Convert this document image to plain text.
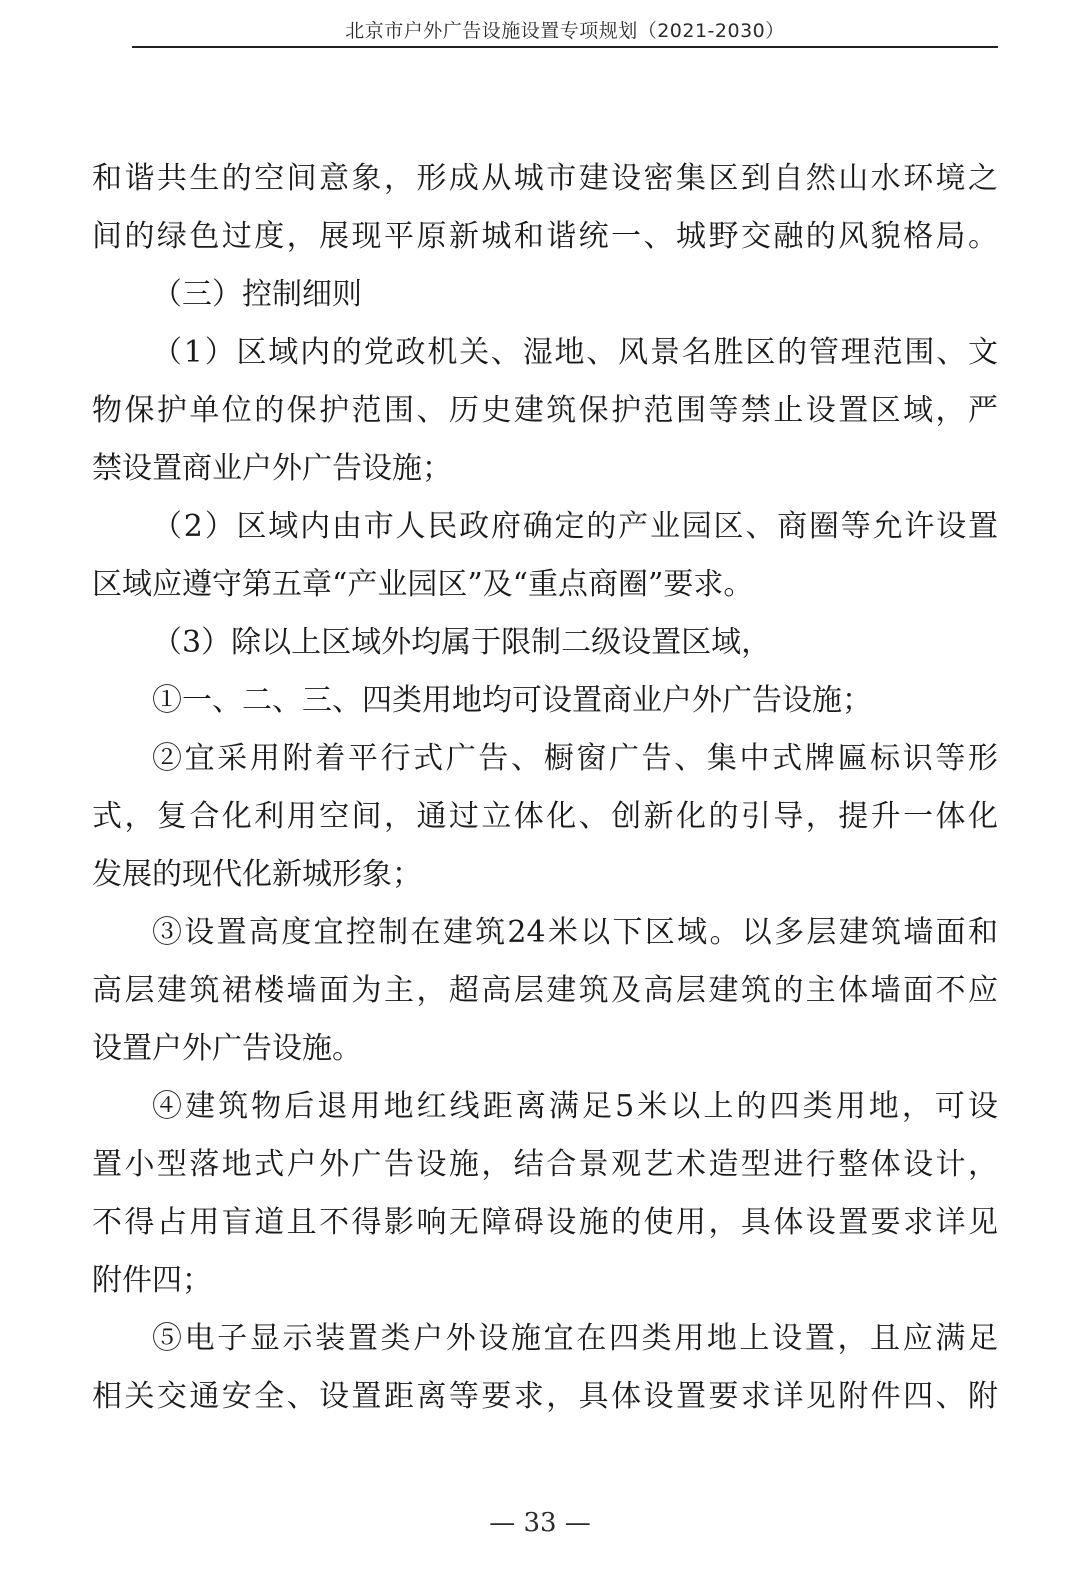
北京市户外广告设施设置专项规划（2021-2030）
和谐共生的空间意象，形成从城市建设密集区到自然山水环境之
间的绿色过度，展现平原新城和谐统一、城野交融的风貌格局。
（三）控制细则
（1）区域内的党政机关、湿地、风景名胜区的管理范围、文
物保护单位的保护范围、历史建筑保护范围等禁止设置区域，严
禁设置商业户外广告设施；
（2）区域内由市人民政府确定的产业园区、商圈等允许设置
区域应遵守第五章“产业园区”及“重点商圈”要求。
（3）除以上区域外均属于限制二级设置区域，
①一、二、三、四类用地均可设置商业户外广告设施；
②宜采用附着平行式广告、橱窗广告、集中式牌匾标识等形
式，复合化利用空间，通过立体化、创新化的引导，提升一体化
发展的现代化新城形象；
③设置高度宜控制在建筑24米以下区域。以多层建筑墙面和
高层建筑裙楼墙面为主，超高层建筑及高层建筑的主体墙面不应
设置户外广告设施。
④建筑物后退用地红线距离满足5米以上的四类用地，可设
置小型落地式户外广告设施，结合景观艺术造型进行整体设计，
不得占用盲道且不得影响无障碍设施的使用，具体设置要求详见
附件四；
⑤电子显示装置类户外设施宜在四类用地上设置，且应满足
相关交通安全、设置距离等要求，具体设置要求详见附件四、附
— 33 —
